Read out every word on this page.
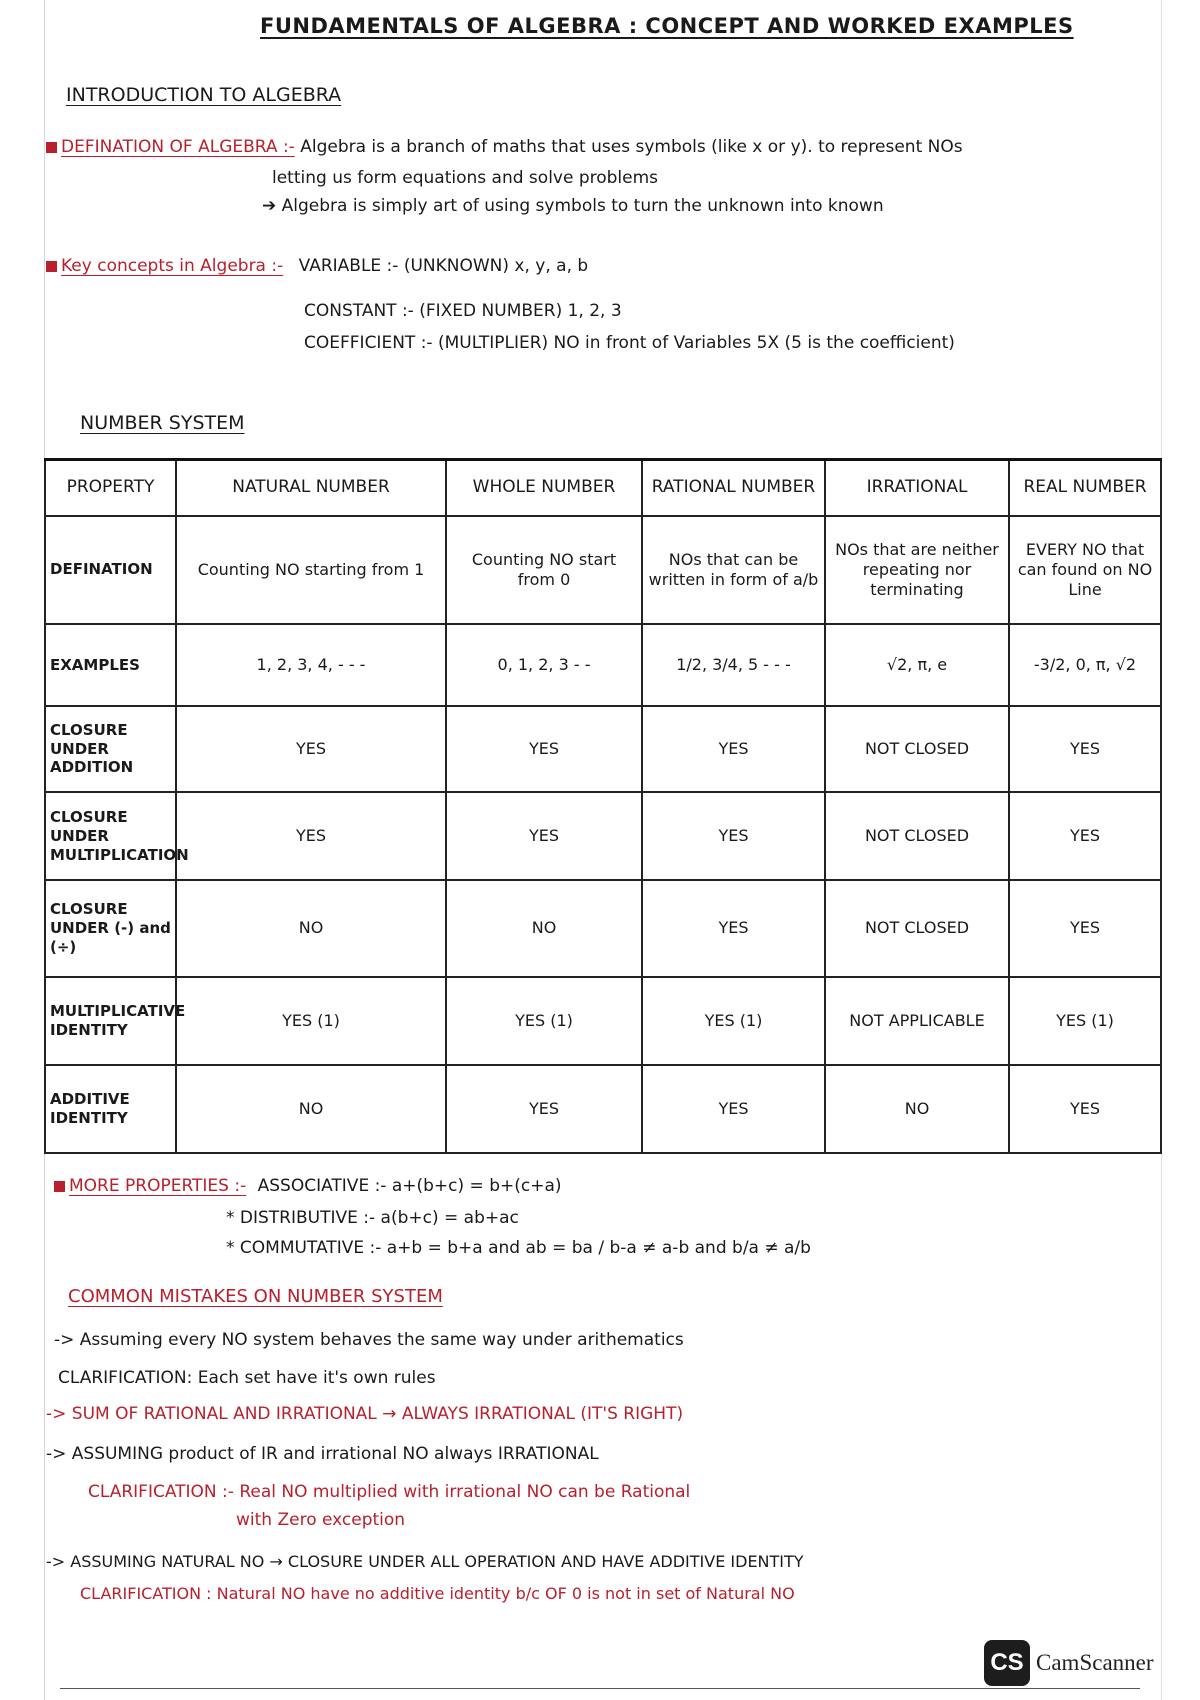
FUNDAMENTALS OF ALGEBRA : CONCEPT AND WORKED EXAMPLES
INTRODUCTION TO ALGEBRA
DEFINATION OF ALGEBRA :- Algebra is a branch of maths that uses symbols (like x or y). to represent NOs
letting us form equations and solve problems
➔ Algebra is simply art of using symbols to turn the unknown into known
Key concepts in Algebra :- VARIABLE :- (UNKNOWN) x, y, a, b
CONSTANT :- (FIXED NUMBER) 1, 2, 3
COEFFICIENT :- (MULTIPLIER) NO in front of Variables 5X (5 is the coefficient)
NUMBER SYSTEM
PROPERTY	NATURAL NUMBER	WHOLE NUMBER	RATIONAL NUMBER	IRRATIONAL	REAL NUMBER
DEFINATION	Counting NO starting from 1	Counting NO start from 0	NOs that can be written in form of a/b	NOs that are neither repeating nor terminating	EVERY NO that can found on NO Line
EXAMPLES	1, 2, 3, 4, - - -	0, 1, 2, 3 - -	1/2, 3/4, 5 - - -	√2, π, e	-3/2, 0, π, √2
CLOSURE UNDER ADDITION	YES	YES	YES	NOT CLOSED	YES
CLOSURE UNDER MULTIPLICATION	YES	YES	YES	NOT CLOSED	YES
CLOSURE UNDER (-) and (÷)	NO	NO	YES	NOT CLOSED	YES
MULTIPLICATIVE IDENTITY	YES (1)	YES (1)	YES (1)	NOT APPLICABLE	YES (1)
ADDITIVE IDENTITY	NO	YES	YES	NO	YES
MORE PROPERTIES :- ASSOCIATIVE :- a+(b+c) = b+(c+a)
* DISTRIBUTIVE :- a(b+c) = ab+ac
* COMMUTATIVE :- a+b = b+a and ab = ba / b-a ≠ a-b and b/a ≠ a/b
COMMON MISTAKES ON NUMBER SYSTEM
-> Assuming every NO system behaves the same way under arithematics
CLARIFICATION: Each set have it's own rules
-> SUM OF RATIONAL AND IRRATIONAL → ALWAYS IRRATIONAL (IT'S RIGHT)
-> ASSUMING product of IR and irrational NO always IRRATIONAL
CLARIFICATION :- Real NO multiplied with irrational NO can be Rational
with Zero exception
-> ASSUMING NATURAL NO → CLOSURE UNDER ALL OPERATION AND HAVE ADDITIVE IDENTITY
CLARIFICATION : Natural NO have no additive identity b/c OF 0 is not in set of Natural NO
CS CamScanner
